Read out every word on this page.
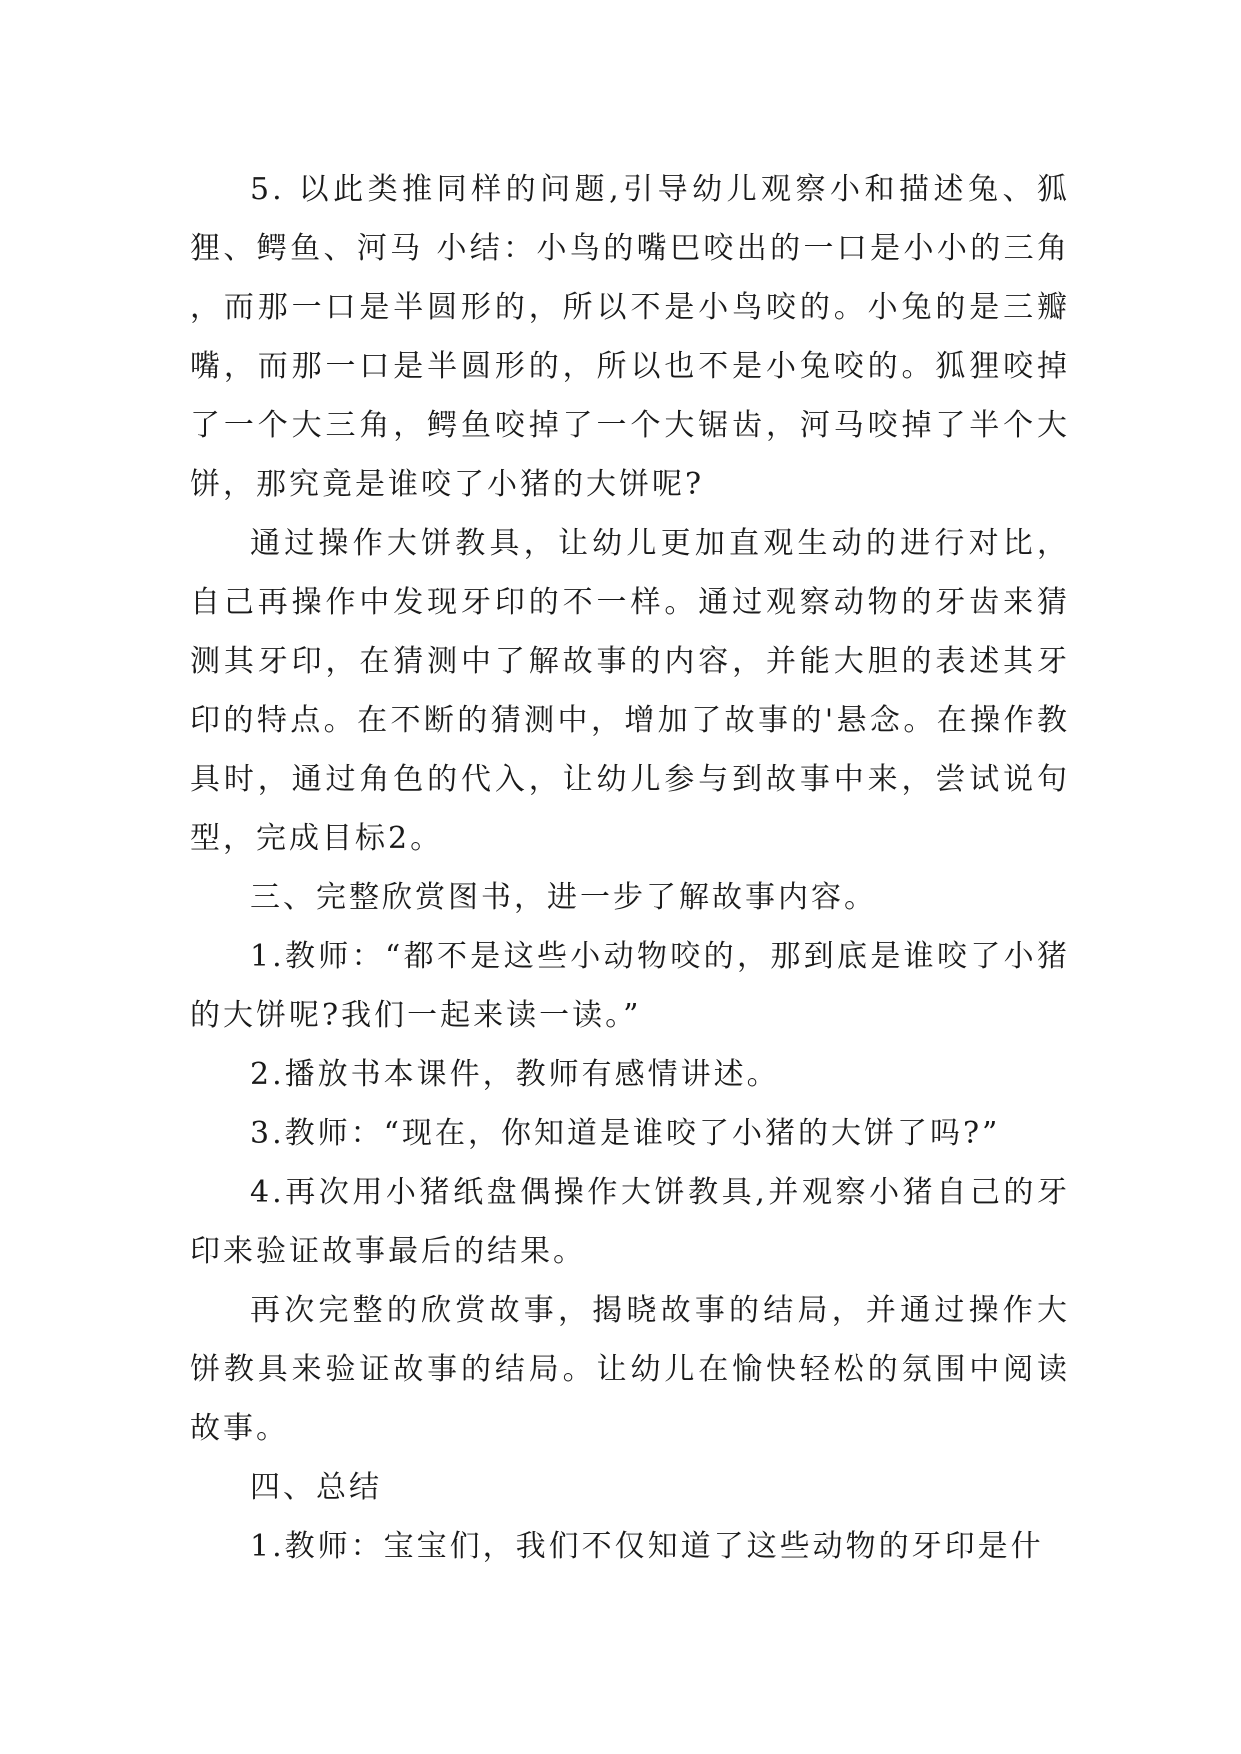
5. 以此类推同样的问题,引导幼儿观察小和描述兔、狐狸、鳄鱼、河马 小结：小鸟的嘴巴咬出的一口是小小的三角 ，而那一口是半圆形的，所以不是小鸟咬的。小兔的是三瓣嘴，而那一口是半圆形的，所以也不是小兔咬的。狐狸咬掉了一个大三角，鳄鱼咬掉了一个大锯齿，河马咬掉了半个大饼，那究竟是谁咬了小猪的大饼呢?

通过操作大饼教具，让幼儿更加直观生动的进行对比，自己再操作中发现牙印的不一样。通过观察动物的牙齿来猜测其牙印，在猜测中了解故事的内容，并能大胆的表述其牙印的特点。在不断的猜测中，增加了故事的'悬念。在操作教具时，通过角色的代入，让幼儿参与到故事中来，尝试说句型，完成目标2。

三、完整欣赏图书，进一步了解故事内容。

1.教师：“都不是这些小动物咬的，那到底是谁咬了小猪的大饼呢?我们一起来读一读。”

2.播放书本课件，教师有感情讲述。

3.教师：“现在，你知道是谁咬了小猪的大饼了吗?”

4.再次用小猪纸盘偶操作大饼教具,并观察小猪自己的牙印来验证故事最后的结果。

再次完整的欣赏故事，揭晓故事的结局，并通过操作大饼教具来验证故事的结局。让幼儿在愉快轻松的氛围中阅读故事。

四、总结

1.教师：宝宝们，我们不仅知道了这些动物的牙印是什
